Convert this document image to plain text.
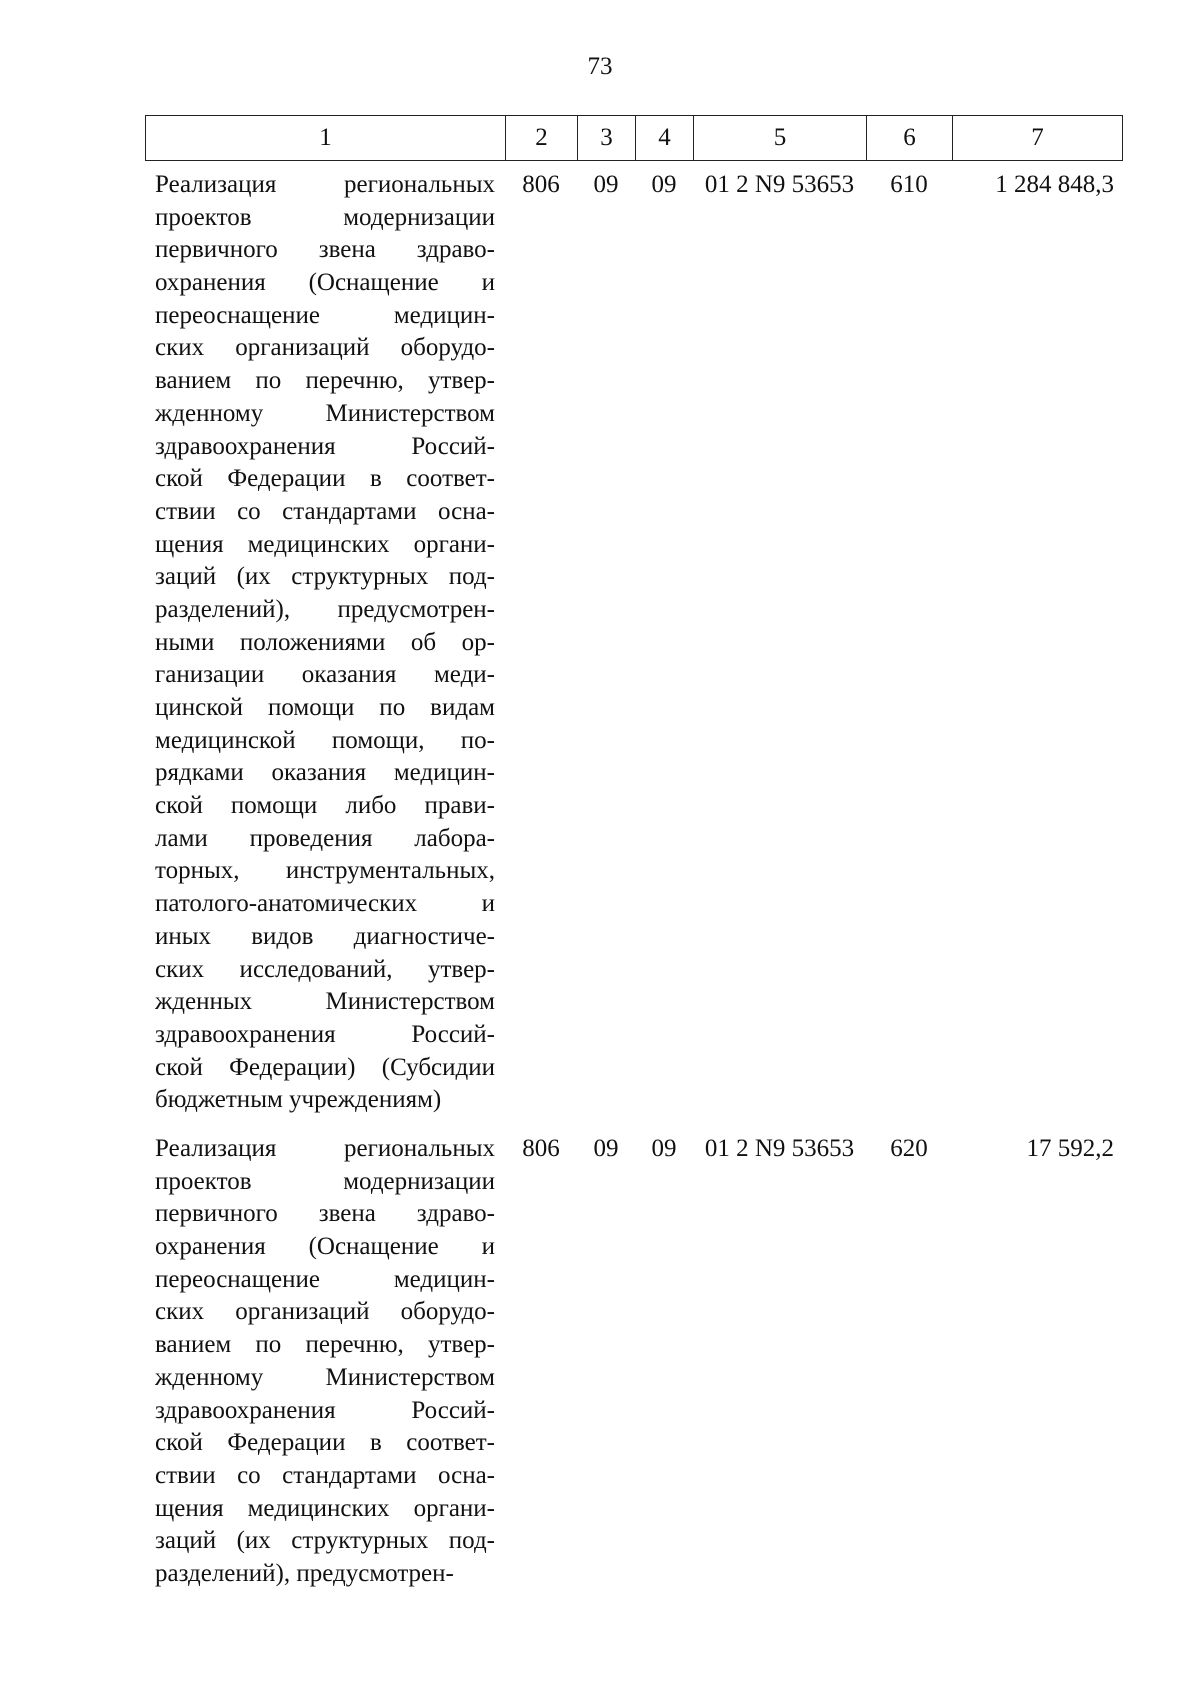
73
1	2	3	4	5	6	7
Реализация региональных
проектов модернизации
первичного звена здраво-
охранения (Оснащение и
переоснащение медицин-
ских организаций оборудо-
ванием по перечню, утвер-
жденному Министерством
здравоохранения Россий-
ской Федерации в соответ-
ствии со стандартами осна-
щения медицинских органи-
заций (их структурных под-
разделений), предусмотрен-
ными положениями об ор-
ганизации оказания меди-
цинской помощи по видам
медицинской помощи, по-
рядками оказания медицин-
ской помощи либо прави-
лами проведения лабора-
торных, инструментальных,
патолого-анатомических и
иных видов диагностиче-
ских исследований, утвер-
жденных Министерством
здравоохранения Россий-
ской Федерации) (Субсидии
бюджетным учреждениям)
806	09	09	01 2 N9 53653	610	1 284 848,3
Реализация региональных
проектов модернизации
первичного звена здраво-
охранения (Оснащение и
переоснащение медицин-
ских организаций оборудо-
ванием по перечню, утвер-
жденному Министерством
здравоохранения Россий-
ской Федерации в соответ-
ствии со стандартами осна-
щения медицинских органи-
заций (их структурных под-
разделений), предусмотрен-
806	09	09	01 2 N9 53653	620	17 592,2
